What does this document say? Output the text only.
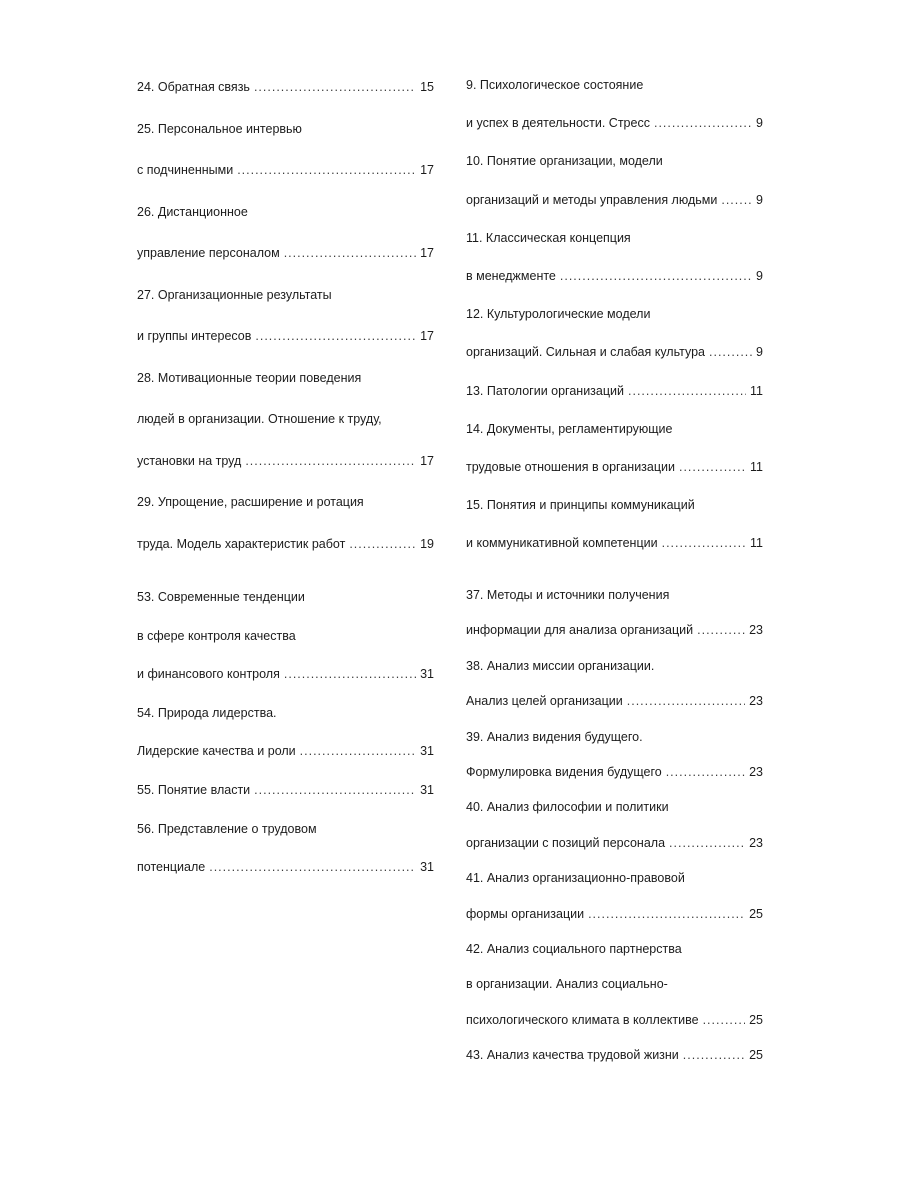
24. Обратная связь .....	15
25. Персональное интервью
с подчиненными .....	17
26. Дистанционное
управление персоналом .....	17
27. Организационные результаты
и группы интересов .....	17
28. Мотивационные теории поведения
людей в организации. Отношение к труду,
установки на труд .....	17
29. Упрощение, расширение и ротация
труда. Модель характеристик работ .....	19
9. Психологическое состояние
и успех в деятельности. Стресс .....	9
10. Понятие организации, модели
организаций и методы управления людьми .....	9
11. Классическая концепция
в менеджменте .....	9
12. Культурологические модели
организаций. Сильная и слабая культура .....	9
13. Патологии организаций .....	11
14. Документы, регламентирующие
трудовые отношения в организации .....	11
15. Понятия и принципы коммуникаций
и коммуникативной компетенции .....	11
53. Современные тенденции
в сфере контроля качества
и финансового контроля .....	31
54. Природа лидерства.
Лидерские качества и роли .....	31
55. Понятие власти .....	31
56. Представление о трудовом
потенциале .....	31
37. Методы и источники получения
информации для анализа организаций .....	23
38. Анализ миссии организации.
Анализ целей организации .....	23
39. Анализ видения будущего.
Формулировка видения будущего .....	23
40. Анализ философии и политики
организации с позиций персонала .....	23
41. Анализ организационно-правовой
формы организации .....	25
42. Анализ социального партнерства
в организации. Анализ социально-
психологического климата в коллективе .....	25
43. Анализ качества трудовой жизни .....	25
